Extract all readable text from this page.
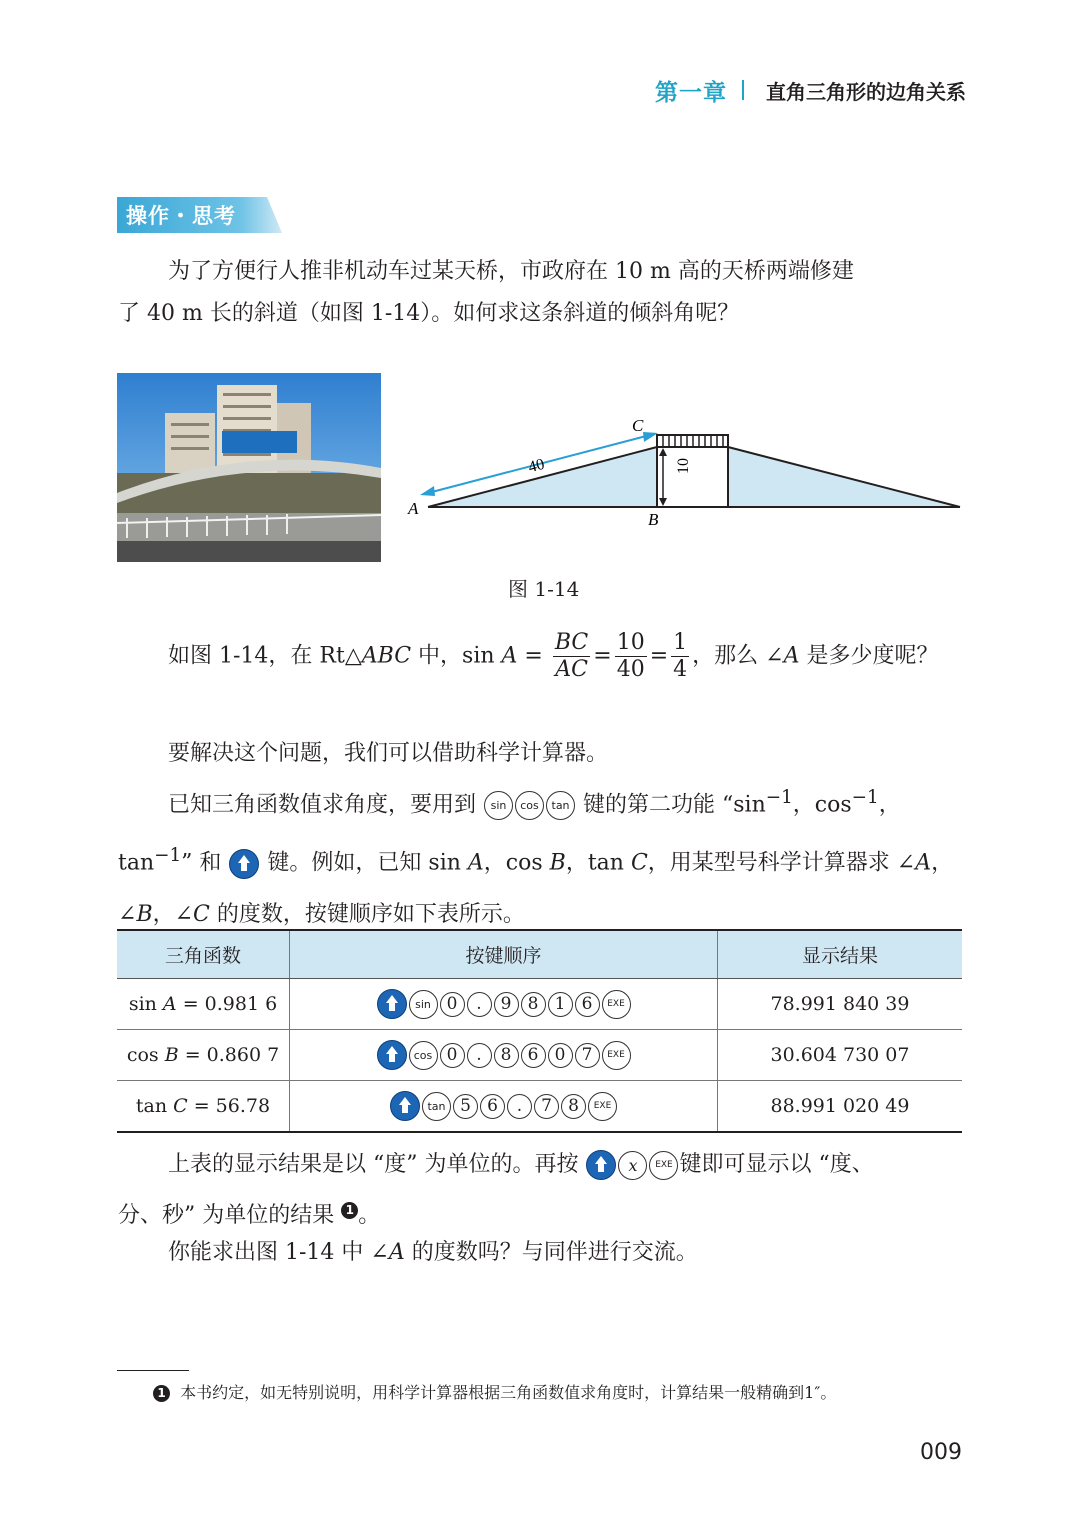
第一章 直角三角形的边角关系
操作・思考
为了方便行人推非机动车过某天桥，市政府在 10 m 高的天桥两端修建
了 40 m 长的斜道（如图 1-14）。如何求这条斜道的倾斜角呢？
40	10
A
B
C
图 1-14
如图 1-14，在 Rt△ABC 中，$\sin A = \frac{BC}{AC} = \frac{10}{40} = \frac{1}{4}$ ，那么 ∠A 是多少度呢？
要解决这个问题，我们可以借助科学计算器。
已知三角函数值求角度，要用到 sin cos tan 键的第二功能 “$\sin^{-1}$，$\cos^{-1}$，
$\tan^{-1}$” 和 键。例如，已知 sin A，cos B，tan C，用某型号科学计算器求 ∠A，
∠B，∠C 的度数，按键顺序如下表所示。
三角函数	按键顺序	显示结果
sin A = 0.981 6	sin 0 . 9 8 1 6 EXE	78.991 840 39
cos B = 0.860 7	cos 0 . 8 6 0 7 EXE	30.604 730 07
tan C = 56.78	tan 5 6 . 7 8 EXE	88.991 020 49
上表的显示结果是以 “度” 为单位的。再按	x EXE 键即可显示以 “度、
分、秒” 为单位的结果 1 。
你能求出图 1-14 中 ∠A 的度数吗？与同伴进行交流。
1 本书约定，如无特别说明，用科学计算器根据三角函数值求角度时，计算结果一般精确到1″。
009
